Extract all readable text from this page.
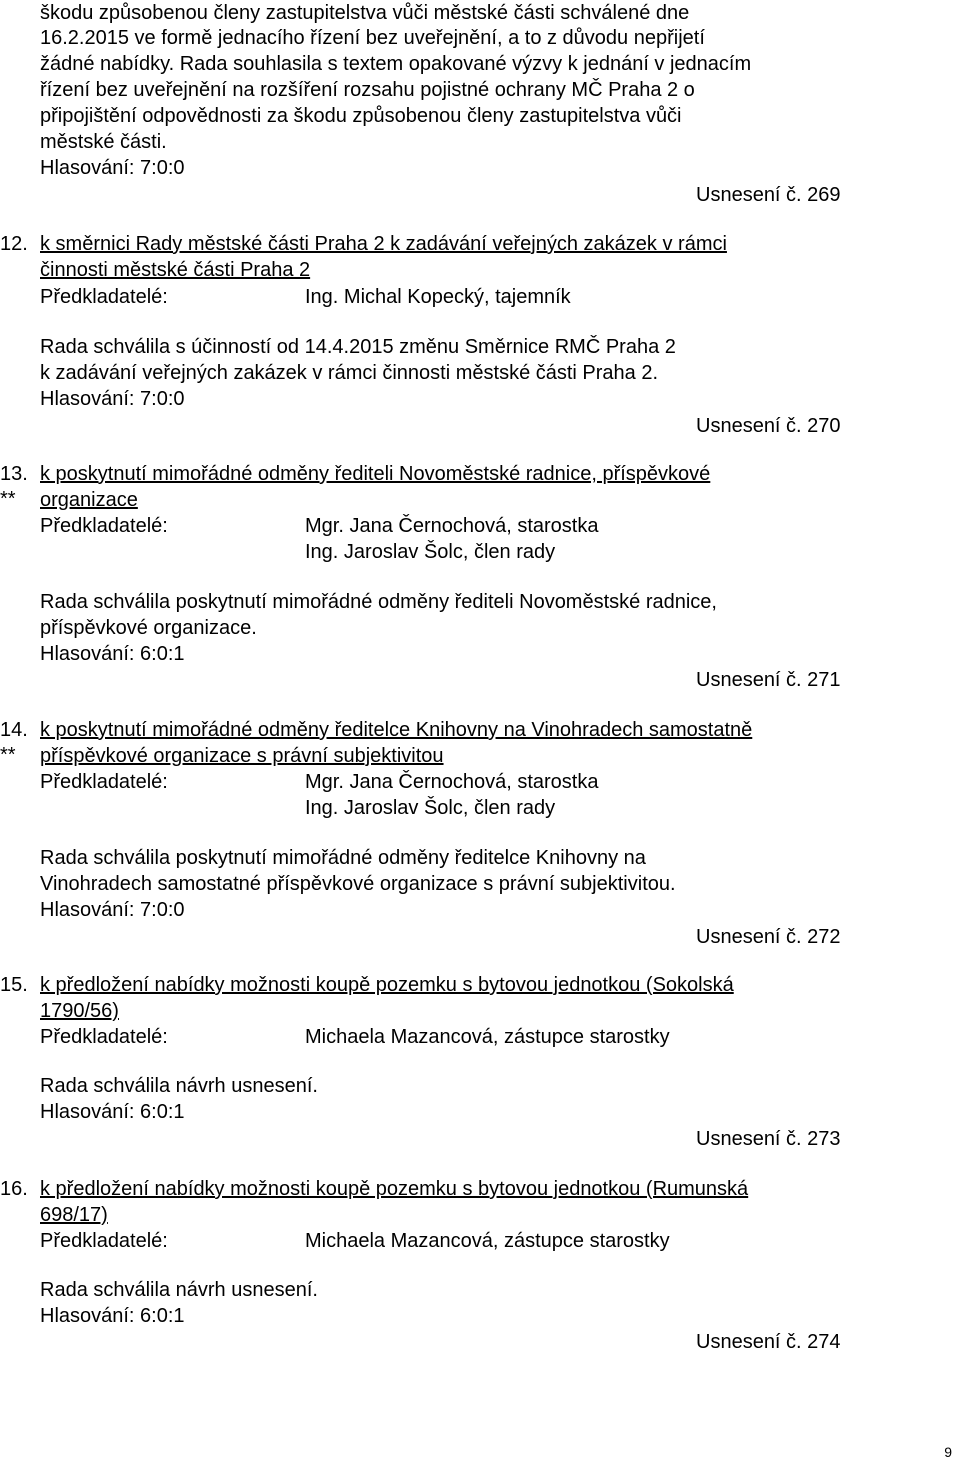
škodu způsobenou členy zastupitelstva vůči městské části schválené dne
16.2.2015 ve formě jednacího řízení bez uveřejnění, a to z důvodu nepřijetí
žádné nabídky. Rada souhlasila s textem opakované výzvy k jednání v jednacím
řízení bez uveřejnění na rozšíření rozsahu pojistné ochrany MČ Praha 2 o
připojištění odpovědnosti za škodu způsobenou členy zastupitelstva vůči
městské části.
Hlasování: 7:0:0
Usnesení č. 269
12. k směrnici Rady městské části Praha 2 k zadávání veřejných zakázek v rámci
činnosti městské části Praha 2
Předkladatelé:	Ing. Michal Kopecký, tajemník
Rada schválila s účinností od 14.4.2015 změnu Směrnice RMČ Praha 2
k zadávání veřejných zakázek v rámci činnosti městské části Praha 2.
Hlasování: 7:0:0
Usnesení č. 270
13.
**
k poskytnutí mimořádné odměny řediteli Novoměstské radnice, příspěvkové
organizace
Předkladatelé:	Mgr. Jana Černochová, starostka
Ing. Jaroslav Šolc, člen rady
Rada schválila poskytnutí mimořádné odměny řediteli Novoměstské radnice,
příspěvkové organizace.
Hlasování: 6:0:1
Usnesení č. 271
14.
**
k poskytnutí mimořádné odměny ředitelce Knihovny na Vinohradech samostatně
příspěvkové organizace s právní subjektivitou
Předkladatelé:	Mgr. Jana Černochová, starostka
Ing. Jaroslav Šolc, člen rady
Rada schválila poskytnutí mimořádné odměny ředitelce Knihovny na
Vinohradech samostatné příspěvkové organizace s právní subjektivitou.
Hlasování: 7:0:0
Usnesení č. 272
15. k předložení nabídky možnosti koupě pozemku s bytovou jednotkou (Sokolská
1790/56)
Předkladatelé:	Michaela Mazancová, zástupce starostky
Rada schválila návrh usnesení.
Hlasování: 6:0:1
Usnesení č. 273
16. k předložení nabídky možnosti koupě pozemku s bytovou jednotkou (Rumunská
698/17)
Předkladatelé:	Michaela Mazancová, zástupce starostky
Rada schválila návrh usnesení.
Hlasování: 6:0:1
Usnesení č. 274
9
